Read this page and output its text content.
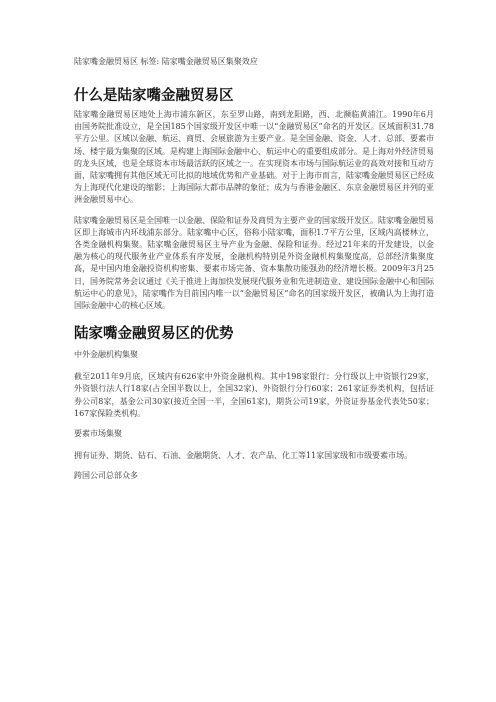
陆家嘴金融贸易区 标签: 陆家嘴金融贸易区集聚效应
什么是陆家嘴金融贸易区

陆家嘴金融贸易区地处上海市浦东新区，东至罗山路，南到龙阳路，西、北濒临黄浦江。1990年6月由国务院批准设立，是全国185个国家级开发区中唯一以“金融贸易区”命名的开发区。区域面积31.78平方公里。区域以金融、航运、商贸、会展旅游为主要产业。是全国金融、资金、人才、总部、要素市场、楼宇最为集聚的区域。是构建上海国际金融中心、航运中心的重要组成部分。是上海对外经济贸易的龙头区域，也是全球资本市场最活跃的区域之一。在实现资本市场与国际航运业的高效对接和互动方面，陆家嘴拥有其他区域无可比拟的地域优势和产业基础。对于上海市而言，陆家嘴金融贸易区已经成为上海现代化建设的缩影；上海国际大都市品牌的象征；成为与香港金融区、东京金融贸易区并列的亚洲金融贸易中心。

陆家嘴金融贸易区是全国唯一以金融、保险和证券及商贸为主要产业的国家级开发区。陆家嘴金融贸易区即上海城市内环线浦东部分。陆家嘴中心区，俗称小陆家嘴，面积1.7平方公里，区域内高楼林立，各类金融机构集聚。陆家嘴金融贸易区主导产业为金融、保险和证券。经过21年来的开发建设，以金融为核心的现代服务业产业体系有序发展，金融机构特别是外资金融机构集聚度高，总部经济集聚度高，是中国内地金融投资机构密集、要素市场完备、资本集散功能强劲的经济增长极。2009年3月25日，国务院常务会议通过《关于推进上海加快发展现代服务业和先进制造业、建设国际金融中心和国际航运中心的意见》，陆家嘴作为目前国内唯一以“金融贸易区”命名的国家级开发区，被确认为上海打造国际金融中心的核心区域。

陆家嘴金融贸易区的优势
中外金融机构集聚

截至2011年9月底，区域内有626家中外资金融机构。其中198家银行：分行级以上中资银行29家，外资银行法人行18家(占全国半数以上，全国32家)、外资银行分行60家；261家证券类机构，包括证券公司8家，基金公司30家(接近全国一半，全国61家)，期货公司19家，外资证券基金代表处50家；167家保险类机构。

要素市场集聚

拥有证券、期货、钻石、石油、金融期货、人才、农产品、化工等11家国家级和市级要素市场。

跨国公司总部众多
